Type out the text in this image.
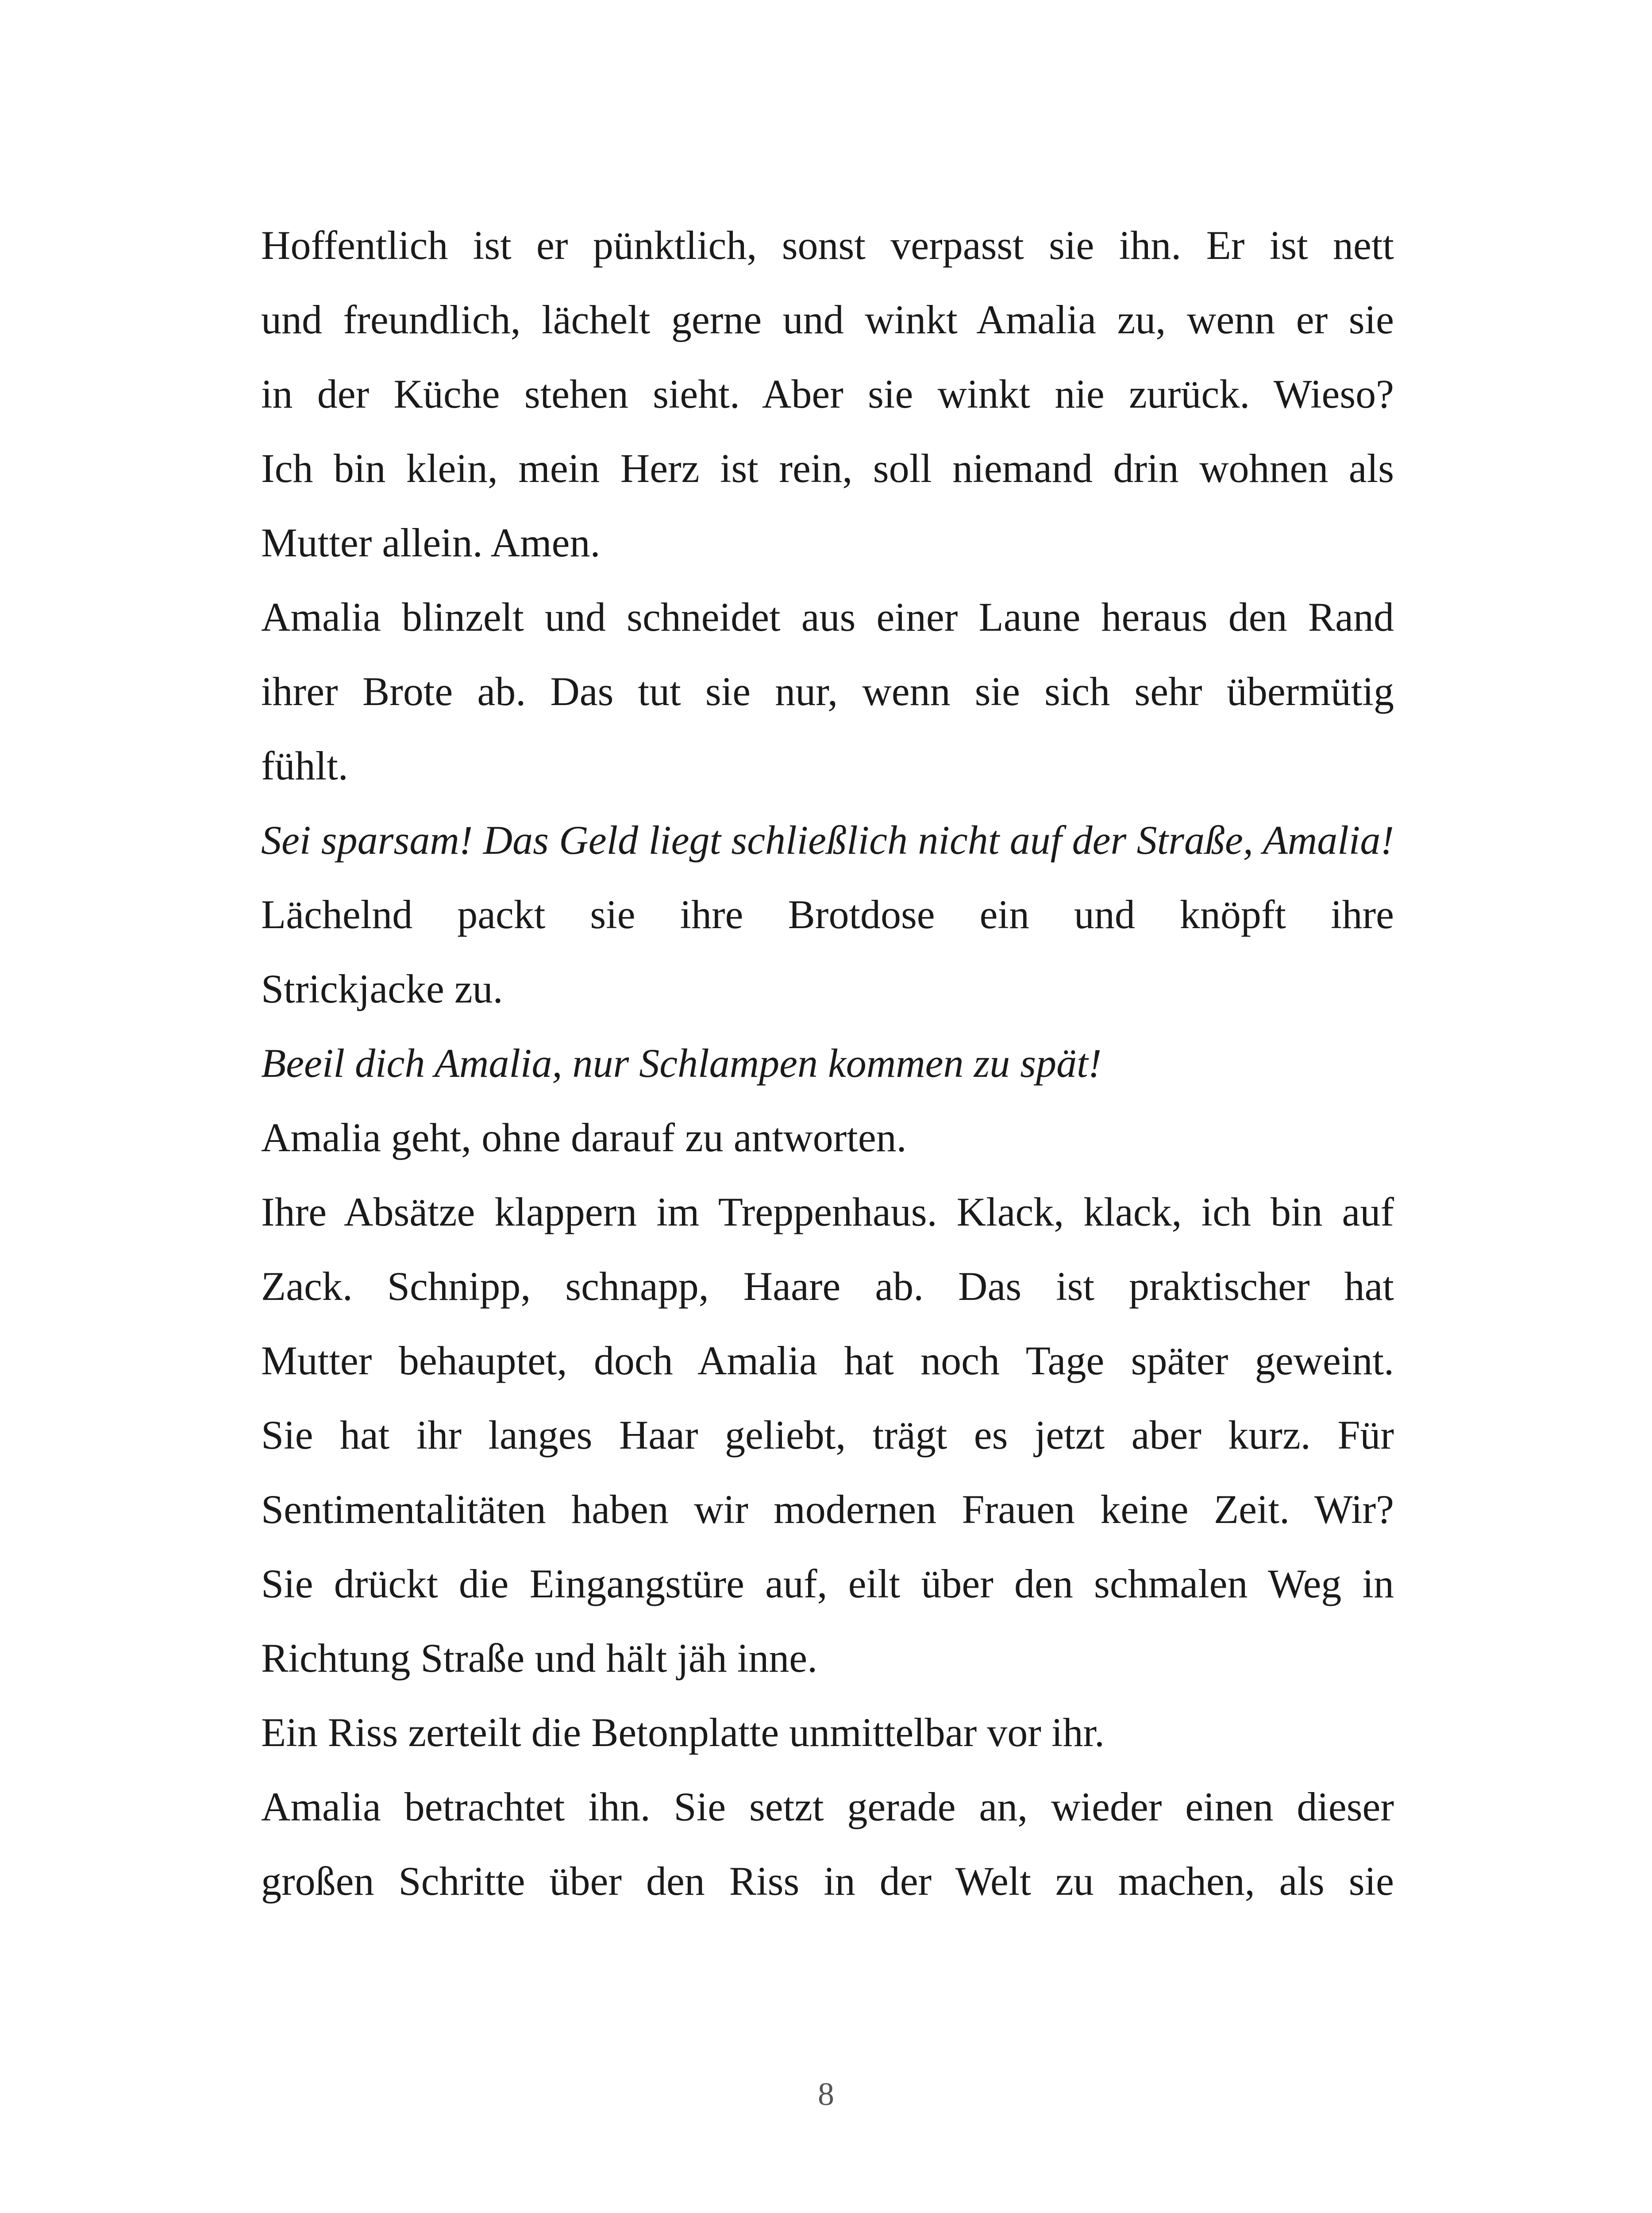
Hoffentlich ist er pünktlich, sonst verpasst sie ihn. Er ist nett
und freundlich, lächelt gerne und winkt Amalia zu, wenn er sie
in der Küche stehen sieht. Aber sie winkt nie zurück. Wieso?
Ich bin klein, mein Herz ist rein, soll niemand drin wohnen als
Mutter allein. Amen.
Amalia blinzelt und schneidet aus einer Laune heraus den Rand
ihrer Brote ab. Das tut sie nur, wenn sie sich sehr übermütig
fühlt.
Sei sparsam! Das Geld liegt schließlich nicht auf der Straße, Amalia!
Lächelnd packt sie ihre Brotdose ein und knöpft ihre
Strickjacke zu.
Beeil dich Amalia, nur Schlampen kommen zu spät!
Amalia geht, ohne darauf zu antworten.
Ihre Absätze klappern im Treppenhaus. Klack, klack, ich bin auf
Zack. Schnipp, schnapp, Haare ab. Das ist praktischer hat
Mutter behauptet, doch Amalia hat noch Tage später geweint.
Sie hat ihr langes Haar geliebt, trägt es jetzt aber kurz. Für
Sentimentalitäten haben wir modernen Frauen keine Zeit. Wir?
Sie drückt die Eingangstüre auf, eilt über den schmalen Weg in
Richtung Straße und hält jäh inne.
Ein Riss zerteilt die Betonplatte unmittelbar vor ihr.
Amalia betrachtet ihn. Sie setzt gerade an, wieder einen dieser
großen Schritte über den Riss in der Welt zu machen, als sie
8
